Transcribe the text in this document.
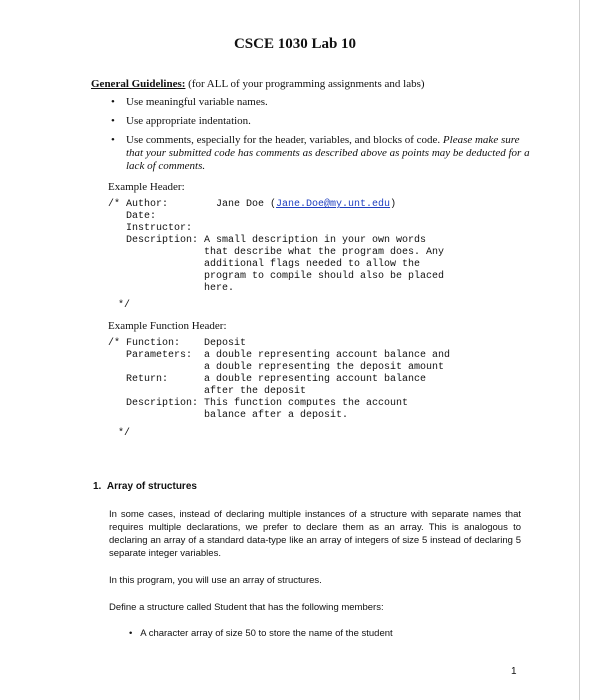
CSCE 1030 Lab 10
General Guidelines: (for ALL of your programming assignments and labs)
• Use meaningful variable names.
• Use appropriate indentation.
• Use comments, especially for the header, variables, and blocks of code. Please make sure that your submitted code has comments as described above as points may be deducted for a lack of comments.
Example Header:
/* Author:        Jane Doe (Jane.Doe@my.unt.edu)
Date:
Instructor:
Description: A small description in your own words
that describe what the program does. Any
additional flags needed to allow the
program to compile should also be placed
here.
*/
Example Function Header:
/* Function:    Deposit
Parameters:  a double representing account balance and
a double representing the deposit amount
Return:      a double representing account balance
after the deposit
Description: This function computes the account
balance after a deposit.
*/
1. Array of structures
In some cases, instead of declaring multiple instances of a structure with separate names that requires multiple declarations, we prefer to declare them as an array. This is analogous to declaring an array of a standard data-type like an array of integers of size 5 instead of declaring 5 separate integer variables.
In this program, you will use an array of structures.
Define a structure called Student that has the following members:
• A character array of size 50 to store the name of the student
1
